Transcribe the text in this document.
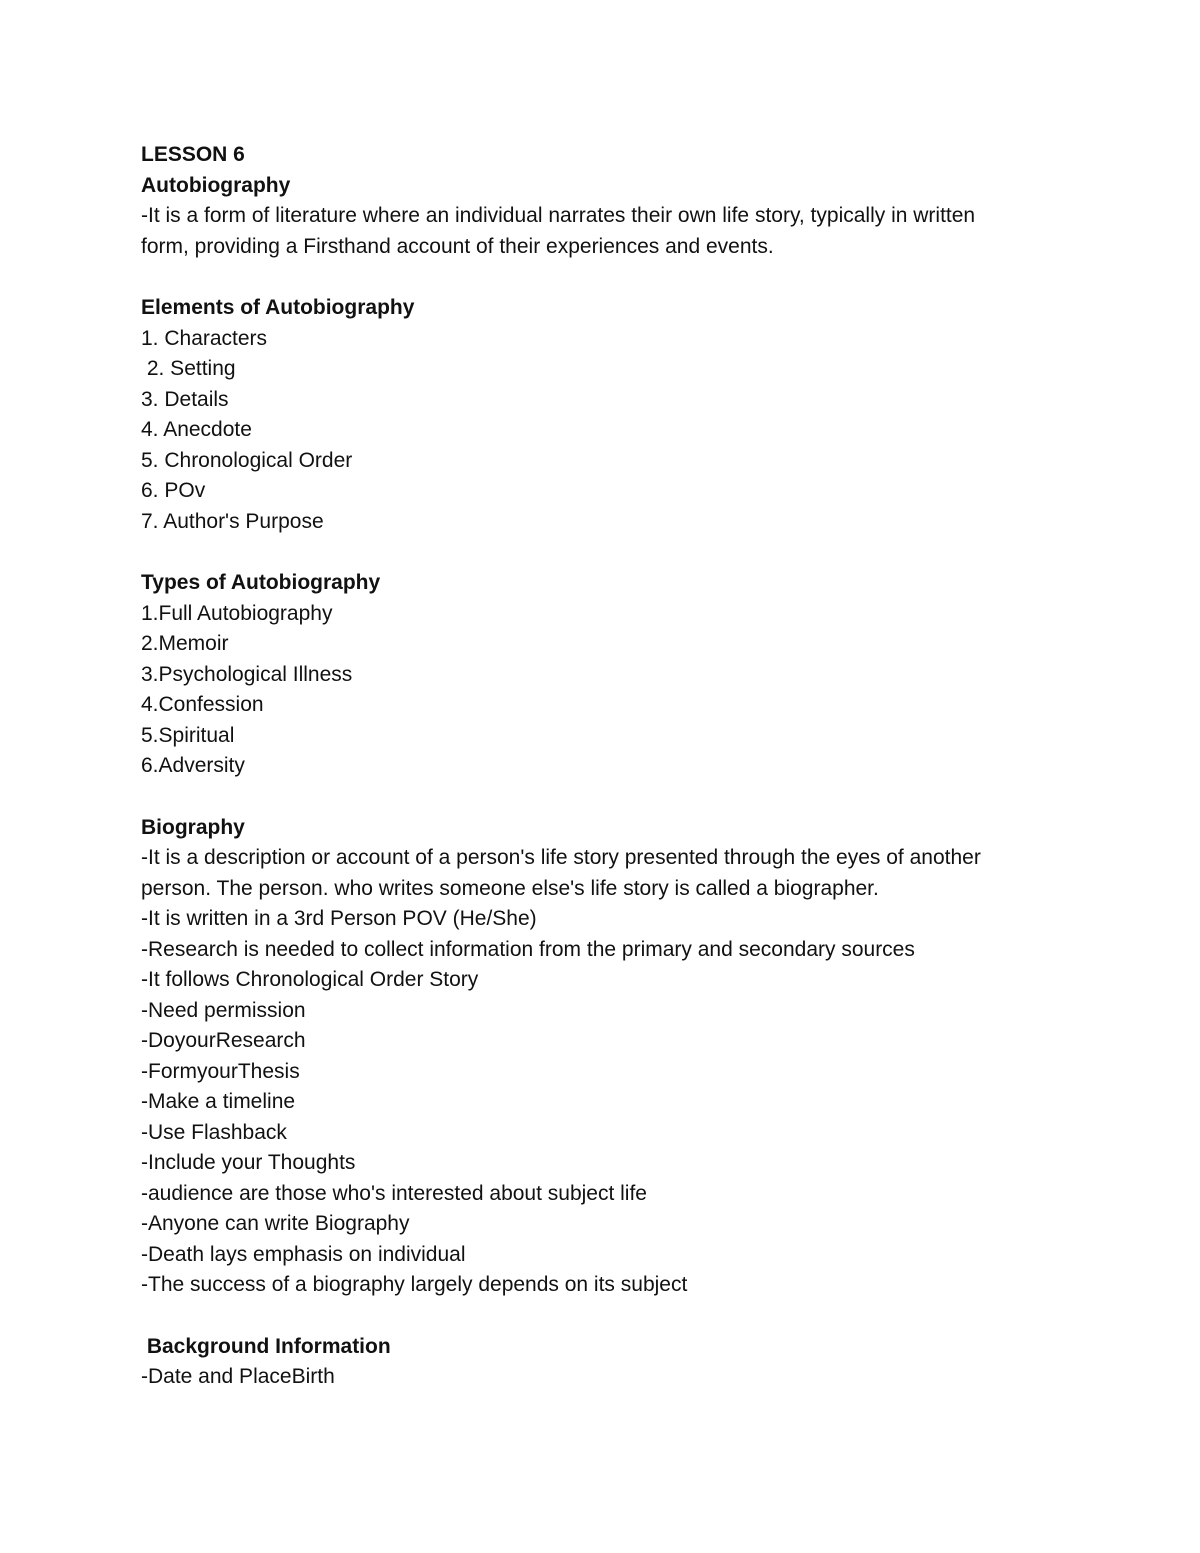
LESSON 6
Autobiography
-It is a form of literature where an individual narrates their own life story, typically in written
form, providing a Firsthand account of their experiences and events.
Elements of Autobiography
1. Characters
2. Setting
3. Details
4. Anecdote
5. Chronological Order
6. POv
7. Author's Purpose
Types of Autobiography
1.Full Autobiography
2.Memoir
3.Psychological Illness
4.Confession
5.Spiritual
6.Adversity
Biography
-It is a description or account of a person's life story presented through the eyes of another
person. The person. who writes someone else's life story is called a biographer.
-It is written in a 3rd Person POV (He/She)
-Research is needed to collect information from the primary and secondary sources
-It follows Chronological Order Story
-Need permission
-DoyourResearch
-FormyourThesis
-Make a timeline
-Use Flashback
-Include your Thoughts
-audience are those who's interested about subject life
-Anyone can write Biography
-Death lays emphasis on individual
-The success of a biography largely depends on its subject
Background Information
-Date and PlaceBirth
